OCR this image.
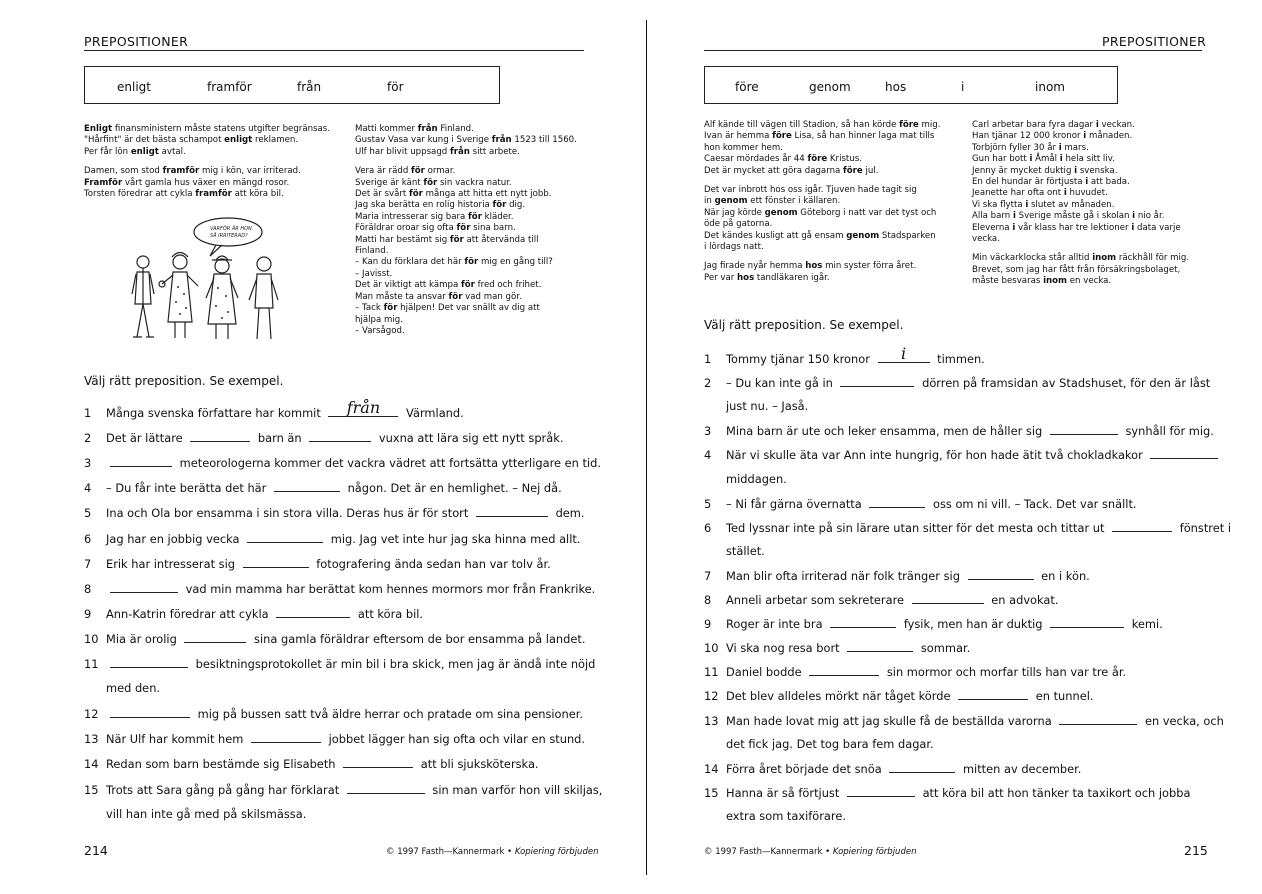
PREPOSITIONER
enligt	framför	från	för
Enligt finansministern måste statens utgifter begränsas.
"Hårfint" är det bästa schampot enligt reklamen.
Per får lön enligt avtal.

Damen, som stod framför mig i kön, var irriterad.
Framför vårt gamla hus växer en mängd rosor.
Torsten föredrar att cykla framför att köra bil.
Matti kommer från Finland.
Gustav Vasa var kung i Sverige från 1523 till 1560.
Ulf har blivit uppsagd från sitt arbete.

Vera är rädd för ormar.
Sverige är känt för sin vackra natur.
Det är svårt för många att hitta ett nytt jobb.
Jag ska berätta en rolig historia för dig.
Maria intresserar sig bara för kläder.
Föräldrar oroar sig ofta för sina barn.
Matti har bestämt sig för att återvända till
Finland.
– Kan du förklara det här för mig en gång till?
– Javisst.
Det är viktigt att kämpa för fred och frihet.
Man måste ta ansvar för vad man gör.
– Tack för hjälpen! Det var snällt av dig att
hjälpa mig.
– Varsågod.
VARFÖR ÄR HON
SÅ IRRITERAD?
Välj rätt preposition. Se exempel.
1 Många svenska författare har kommit	från	Värmland.
2 Det är lättare	barn än	vuxna att lära sig ett nytt språk.
3	meteorologerna kommer det vackra vädret att fortsätta ytterligare en tid.
4 – Du får inte berätta det här	någon. Det är en hemlighet. – Nej då.
5 Ina och Ola bor ensamma i sin stora villa. Deras hus är för stort	dem.
6 Jag har en jobbig vecka	mig. Jag vet inte hur jag ska hinna med allt.
7 Erik har intresserat sig	fotografering ända sedan han var tolv år.
8	vad min mamma har berättat kom hennes mormors mor från Frankrike.
9 Ann-Katrin föredrar att cykla	att köra bil.
10 Mia är orolig	sina gamla föräldrar eftersom de bor ensamma på landet.
11	besiktningsprotokollet är min bil i bra skick, men jag är ändå inte nöjd
med den.
12	mig på bussen satt två äldre herrar och pratade om sina pensioner.
13 När Ulf har kommit hem	jobbet lägger han sig ofta och vilar en stund.
14 Redan som barn bestämde sig Elisabeth	att bli sjuksköterska.
15 Trots att Sara gång på gång har förklarat	sin man varför hon vill skiljas,
vill han inte gå med på skilsmässa.
214	© 1997 Fasth—Kannermark • Kopiering förbjuden
PREPOSITIONER
före	genom	hos	i	inom
Alf kände till vägen till Stadion, så han körde före mig.
Ivan är hemma före Lisa, så han hinner laga mat tills
hon kommer hem.
Caesar mördades år 44 före Kristus.
Det är mycket att göra dagarna före jul.

Det var inbrott hos oss igår. Tjuven hade tagit sig
in genom ett fönster i källaren.
När jag körde genom Göteborg i natt var det tyst och
öde på gatorna.
Det kändes kusligt att gå ensam genom Stadsparken
i lördags natt.

Jag firade nyår hemma hos min syster förra året.
Per var hos tandläkaren igår.
Carl arbetar bara fyra dagar i veckan.
Han tjänar 12 000 kronor i månaden.
Torbjörn fyller 30 år i mars.
Gun har bott i Åmål i hela sitt liv.
Jenny är mycket duktig i svenska.
En del hundar är förtjusta i att bada.
Jeanette har ofta ont i huvudet.
Vi ska flytta i slutet av månaden.
Alla barn i Sverige måste gå i skolan i nio år.
Eleverna i vår klass har tre lektioner i data varje
vecka.

Min väckarklocka står alltid inom räckhåll för mig.
Brevet, som jag har fått från försäkringsbolaget,
måste besvaras inom en vecka.
Välj rätt preposition. Se exempel.
1 Tommy tjänar 150 kronor	i	timmen.
2 – Du kan inte gå in	dörren på framsidan av Stadshuset, för den är låst
just nu. – Jaså.
3 Mina barn är ute och leker ensamma, men de håller sig	synhåll för mig.
4 När vi skulle äta var Ann inte hungrig, för hon hade ätit två chokladkakor
middagen.
5 – Ni får gärna övernatta	oss om ni vill. – Tack. Det var snällt.
6 Ted lyssnar inte på sin lärare utan sitter för det mesta och tittar ut	fönstret i
stället.
7 Man blir ofta irriterad när folk tränger sig	en i kön.
8 Anneli arbetar som sekreterare	en advokat.
9 Roger är inte bra	fysik, men han är duktig	kemi.
10 Vi ska nog resa bort	sommar.
11 Daniel bodde	sin mormor och morfar tills han var tre år.
12 Det blev alldeles mörkt när tåget körde	en tunnel.
13 Man hade lovat mig att jag skulle få de beställda varorna	en vecka, och
det fick jag. Det tog bara fem dagar.
14 Förra året började det snöa	mitten av december.
15 Hanna är så förtjust	att köra bil att hon tänker ta taxikort och jobba
extra som taxiförare.
© 1997 Fasth—Kannermark • Kopiering förbjuden	215
